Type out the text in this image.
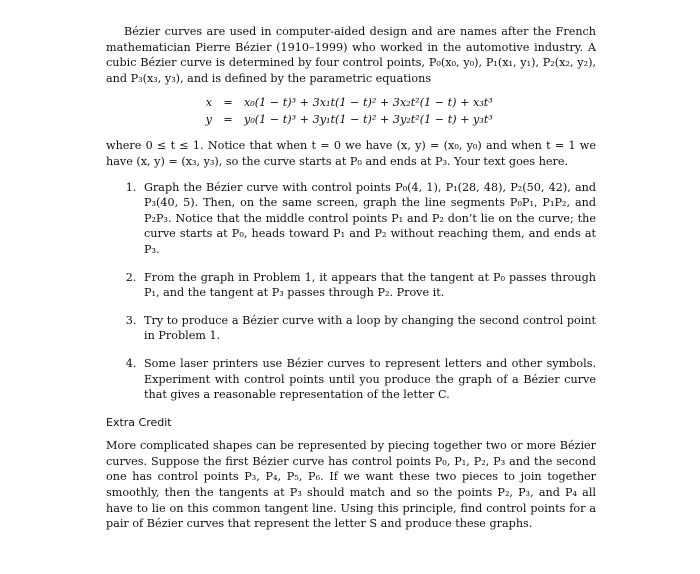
Bézier curves are used in computer-aided design and are names after the French mathematician Pierre Bézier (1910–1999) who worked in the automotive industry. A cubic Bézier curve is determined by four control points, P₀(x₀, y₀), P₁(x₁, y₁), P₂(x₂, y₂), and P₃(x₃, y₃), and is defined by the parametric equations

x	=	x₀(1 − t)³ + 3x₁t(1 − t)² + 3x₂t²(1 − t) + x₃t³
y	=	y₀(1 − t)³ + 3y₁t(1 − t)² + 3y₂t²(1 − t) + y₃t³

where 0 ≤ t ≤ 1. Notice that when t = 0 we have (x, y) = (x₀, y₀) and when t = 1 we have (x, y) = (x₃, y₃), so the curve starts at P₀ and ends at P₃. Your text goes here.

1. Graph the Bézier curve with control points P₀(4, 1), P₁(28, 48), P₂(50, 42), and P₃(40, 5). Then, on the same screen, graph the line segments P₀P₁, P₁P₂, and P₂P₃. Notice that the middle control points P₁ and P₂ don’t lie on the curve; the curve starts at P₀, heads toward P₁ and P₂ without reaching them, and ends at P₃.
2. From the graph in Problem 1, it appears that the tangent at P₀ passes through P₁, and the tangent at P₃ passes through P₂. Prove it.
3. Try to produce a Bézier curve with a loop by changing the second control point in Problem 1.
4. Some laser printers use Bézier curves to represent letters and other symbols. Experiment with control points until you produce the graph of a Bézier curve that gives a reasonable representation of the letter C.
Extra Credit

More complicated shapes can be represented by piecing together two or more Bézier curves. Suppose the first Bézier curve has control points P₀, P₁, P₂, P₃ and the second one has control points P₃, P₄, P₅, P₆. If we want these two pieces to join together smoothly, then the tangents at P₃ should match and so the points P₂, P₃, and P₄ all have to lie on this common tangent line. Using this principle, find control points for a pair of Bézier curves that represent the letter S and produce these graphs.
